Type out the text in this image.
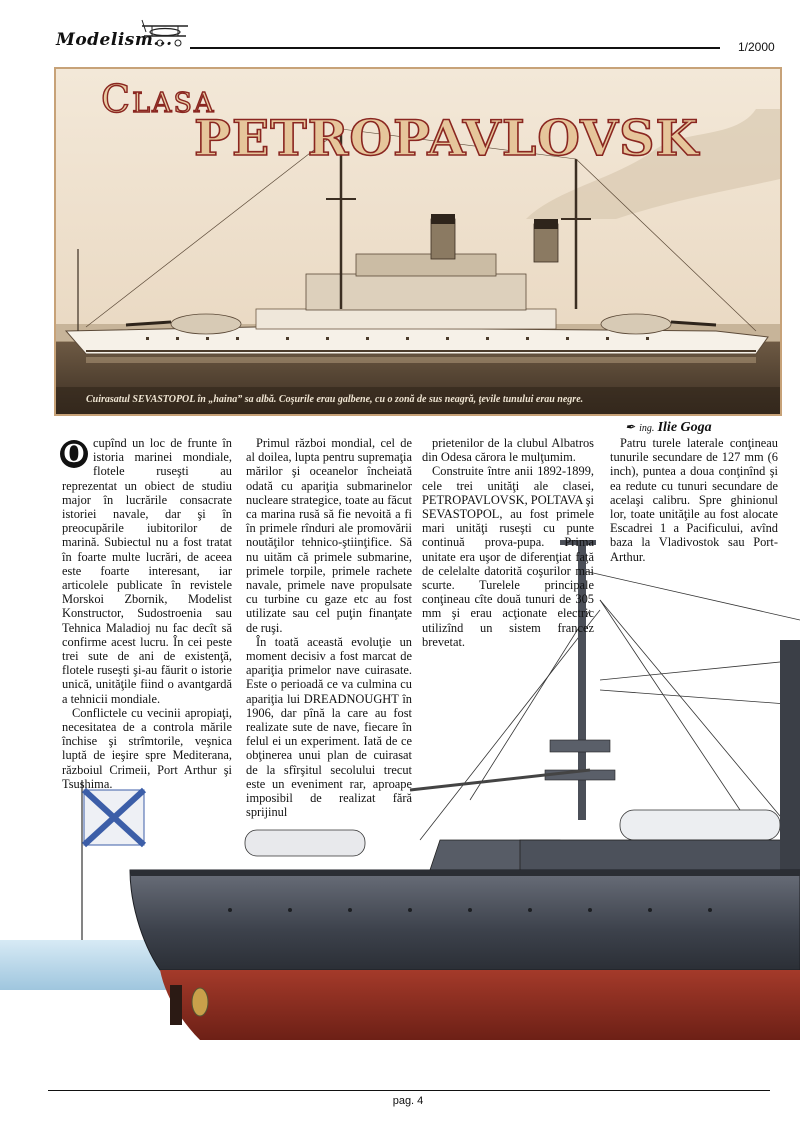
Modelism...	1/2000
Clasa
PETROPAVLOVSK
Cuirasatul SEVASTOPOL în „haina” sa albă. Coşurile erau galbene, cu o zonă de sus neagră, ţevile tunului erau negre.
✒ ing. Ilie Goga

O cupînd un loc de frunte în istoria marinei mondiale, flotele ruseşti au reprezentat un obiect de studiu major în lucrările consacrate istoriei navale, dar şi în preocupările iubitorilor de marină. Subiectul nu a fost tratat în foarte multe lucrări, de aceea este foarte interesant, iar articolele publicate în revistele Morskoi Zbornik, Modelist Konstructor, Sudostroenia sau Tehnica Maladioj nu fac decît să confirme acest lucru. În cei peste trei sute de ani de existenţă, flotele ruseşti şi-au făurit o istorie unică, unităţile fiind o avantgardă a tehnicii mondiale.

Conflictele cu vecinii apropiaţi, necesitatea de a controla mările închise şi strîmtorile, veşnica luptă de ieşire spre Mediterana, războiul Crimeii, Port Arthur şi Tsushima.

Primul război mondial, cel de al doilea, lupta pentru supremaţia mărilor şi oceanelor încheiată odată cu apariţia submarinelor nucleare strategice, toate au făcut ca marina rusă să fie nevoită a fi în primele rînduri ale promovării noutăţilor tehnico-ştiinţifice. Să nu uităm că primele submarine, primele torpile, primele rachete navale, primele nave propulsate cu turbine cu gaze etc au fost utilizate sau cel puţin finanţate de ruşi.

În toată această evoluţie un moment decisiv a fost marcat de apariţia primelor nave cuirasate. Este o perioadă ce va culmina cu apariţia lui DREADNOUGHT în 1906, dar pînă la care au fost realizate sute de nave, fiecare în felul ei un experiment. Iată de ce obţinerea unui plan de cuirasat de la sfîrşitul secolului trecut este un eveniment rar, aproape imposibil de realizat fără sprijinul

prietenilor de la clubul Albatros din Odesa cărora le mulţumim.

Construite între anii 1892-1899, cele trei unităţi ale clasei, PETROPAVLOVSK, POLTAVA şi SEVASTOPOL, au fost primele mari unităţi ruseşti cu punte continuă prova-pupa. Prima unitate era uşor de diferenţiat faţă de celelalte datorită coşurilor mai scurte. Turelele principale conţineau cîte două tunuri de 305 mm şi erau acţionate electric utilizînd un sistem francez brevetat.

Patru turele laterale conţineau tunurile secundare de 127 mm (6 inch), puntea a doua conţinînd şi ea redute cu tunuri secundare de acelaşi calibru. Spre ghinionul lor, toate unităţile au fost alocate Escadrei 1 a Pacificului, avînd baza la Vladivostok sau Port-Arthur.

pag. 4
